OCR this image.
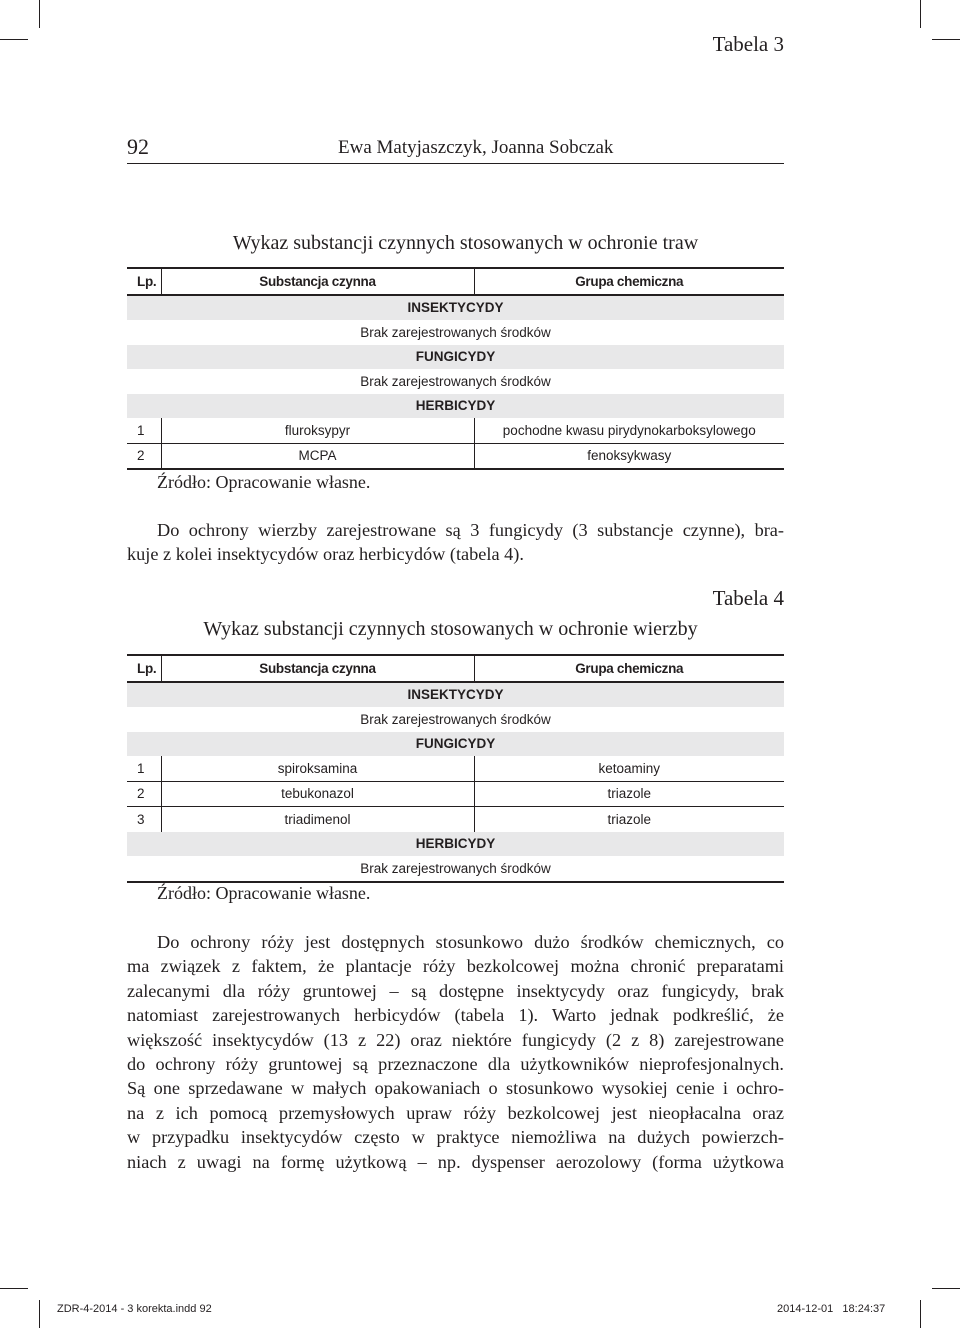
92	Ewa Matyjaszczyk, Joanna Sobczak
Tabela 3
Wykaz substancji czynnych stosowanych w ochronie traw
Lp.	Substancja czynna	Grupa chemiczna
INSEKTYCYDY		
Brak zarejestrowanych środków		
FUNGICYDY		
Brak zarejestrowanych środków		
HERBICYDY		
1	fluroksypyr	pochodne kwasu pirydynokarboksylowego
2	MCPA	fenoksykwasy
Źródło: Opracowanie własne.
Do ochrony wierzby zarejestrowane są 3 fungicydy (3 substancje czynne), bra-
kuje z kolei insektycydów oraz herbicydów (tabela 4).
Tabela 4
Wykaz substancji czynnych stosowanych w ochronie wierzby
Lp.	Substancja czynna	Grupa chemiczna
INSEKTYCYDY		
Brak zarejestrowanych środków		
FUNGICYDY		
1	spiroksamina	ketoaminy
2	tebukonazol	triazole
3	triadimenol	triazole
HERBICYDY		
Brak zarejestrowanych środków		
Źródło: Opracowanie własne.
Do ochrony róży jest dostępnych stosunkowo dużo środków chemicznych, co
ma związek z faktem, że plantacje róży bezkolcowej można chronić preparatami
zalecanymi dla róży gruntowej – są dostępne insektycydy oraz fungicydy, brak
natomiast zarejestrowanych herbicydów (tabela 1). Warto jednak podkreślić, że
większość insektycydów (13 z 22) oraz niektóre fungicydy (2 z 8) zarejestrowane
do ochrony róży gruntowej są przeznaczone dla użytkowników nieprofesjonalnych.
Są one sprzedawane w małych opakowaniach o stosunkowo wysokiej cenie i ochro-
na z ich pomocą przemysłowych upraw róży bezkolcowej jest nieopłacalna oraz
w przypadku insektycydów często w praktyce niemożliwa na dużych powierzch-
niach z uwagi na formę użytkową – np. dyspenser aerozolowy (forma użytkowa
ZDR-4-2014 - 3 korekta.indd 92	2014-12-01   18:24:37
